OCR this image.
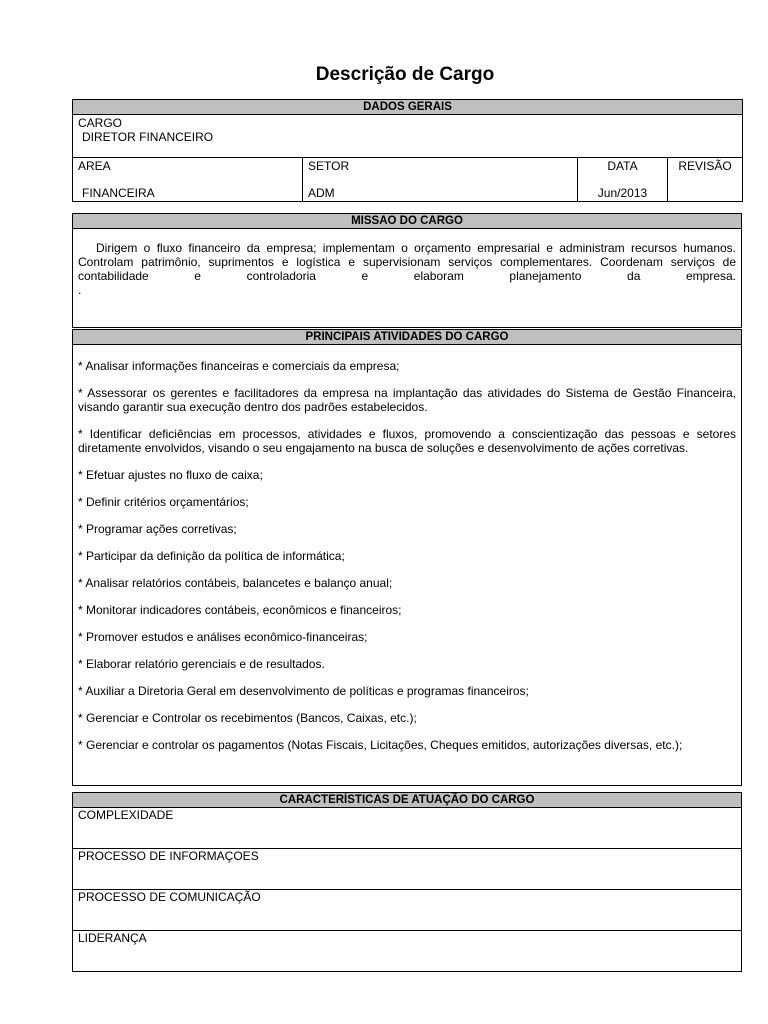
Descrição de Cargo
DADOS GERAIS

CARGO
DIRETOR FINANCEIRO

AREA
FINANCEIRA

SETOR
ADM

DATA
Jun/2013

REVISÃO
MISSAO DO CARGO

Dirigem o fluxo financeiro da empresa; implementam o orçamento empresarial e administram recursos humanos. Controlam patrimônio, suprimentos e logística e supervisionam serviços complementares. Coordenam serviços de contabilidade e controladoria e elaboram planejamento da empresa.
.
PRINCIPAIS ATIVIDADES DO CARGO

* Analisar informações financeiras e comerciais da empresa;

* Assessorar os gerentes e facilitadores da empresa na implantação das atividades do Sistema de Gestão Financeira, visando garantir sua execução dentro dos padrões estabelecidos.

* Identificar deficiências em processos, atividades e fluxos, promovendo a conscientização das pessoas e setores diretamente envolvidos, visando o seu engajamento na busca de soluções e desenvolvimento de ações corretivas.

* Efetuar ajustes no fluxo de caixa;

* Definir critérios orçamentários;

* Programar ações corretivas;

* Participar da definição da política de informática;

* Analisar relatórios contábeis, balancetes e balanço anual;

* Monitorar indicadores contábeis, econômicos e financeiros;

* Promover estudos e análises econômico-financeiras;

* Elaborar relatório gerenciais e de resultados.

* Auxiliar a Diretoria Geral em desenvolvimento de políticas e programas financeiros;

* Gerenciar e Controlar os recebimentos (Bancos, Caixas, etc.);

* Gerenciar e controlar os pagamentos (Notas Fiscais, Licitações, Cheques emitidos, autorizações diversas, etc.);

CARACTERÍSTICAS DE ATUAÇÃO DO CARGO
COMPLEXIDADE
PROCESSO DE INFORMAÇOES
PROCESSO DE COMUNICAÇÃO
LIDERANÇA
